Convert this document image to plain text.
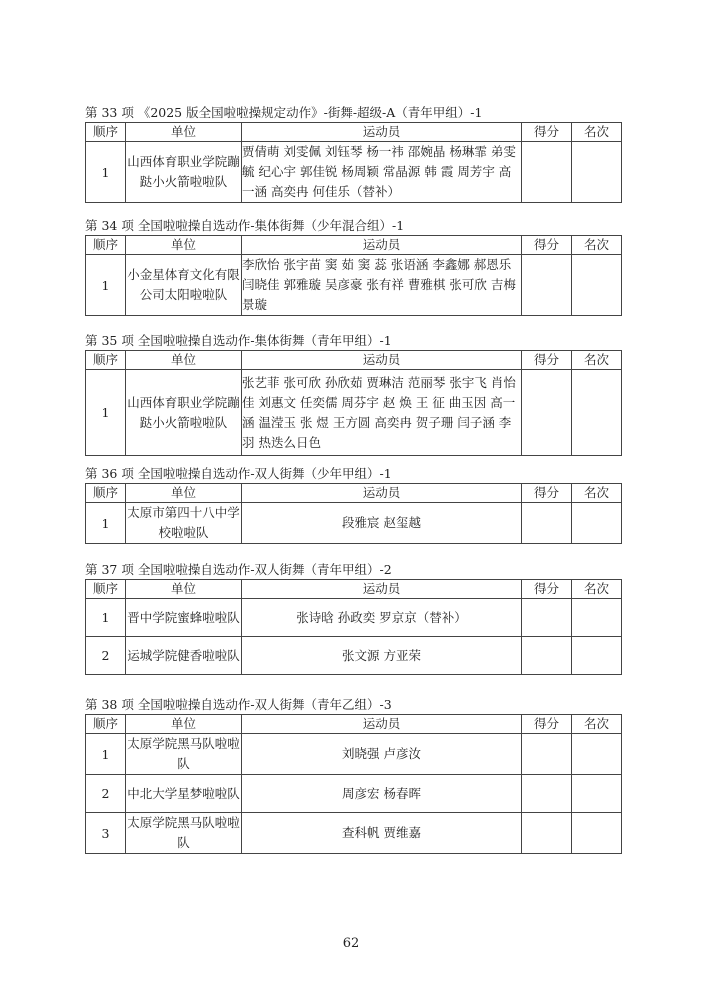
第 33 项 《2025 版全国啦啦操规定动作》-街舞-超级-A（青年甲组）-1
顺序	单位	运动员	得分	名次
1	山西体育职业学院蹦跶小火箭啦啦队	贾倩萌 刘雯佩 刘钰琴 杨一祎 邵婉晶 杨琳霏 弟雯毓 纪心宇 郭佳锐 杨周颖 常晶源 韩 霞 周芳宇 高一涵 高奕冉 何佳乐（替补）		
第 34 项 全国啦啦操自选动作-集体街舞（少年混合组）-1
顺序	单位	运动员	得分	名次
1	小金星体育文化有限公司太阳啦啦队	李欣怡 张宇苗 窦 茹 窦 蕊 张语涵 李鑫娜 郝恩乐 闫晓佳 郭雅璇 吴彦豪 张有祥 曹雅棋 张可欣 吉梅景璇		
第 35 项 全国啦啦操自选动作-集体街舞（青年甲组）-1
顺序	单位	运动员	得分	名次
1	山西体育职业学院蹦跶小火箭啦啦队	张艺菲 张可欣 孙欣茹 贾琳洁 范丽琴 张宇飞 肖怡佳 刘惠文 任奕儒 周芬宇 赵 焕 王 征 曲玉因 高一涵 温滢玉 张 煜 王方圆 高奕冉 贺子珊 闫子涵 李 羽 热迭么日色		
第 36 项 全国啦啦操自选动作-双人街舞（少年甲组）-1
顺序	单位	运动员	得分	名次
1	太原市第四十八中学校啦啦队	段雅宸 赵玺越		
第 37 项 全国啦啦操自选动作-双人街舞（青年甲组）-2
顺序	单位	运动员	得分	名次
1	晋中学院蜜蜂啦啦队	张诗晗 孙政奕 罗京京（替补）		
2	运城学院健香啦啦队	张文源 方亚荣		
第 38 项 全国啦啦操自选动作-双人街舞（青年乙组）-3
顺序	单位	运动员	得分	名次
1	太原学院黑马队啦啦队	刘晓强 卢彦汝		
2	中北大学星梦啦啦队	周彦宏 杨春晖		
3	太原学院黑马队啦啦队	查科帆 贾维嘉		
62
